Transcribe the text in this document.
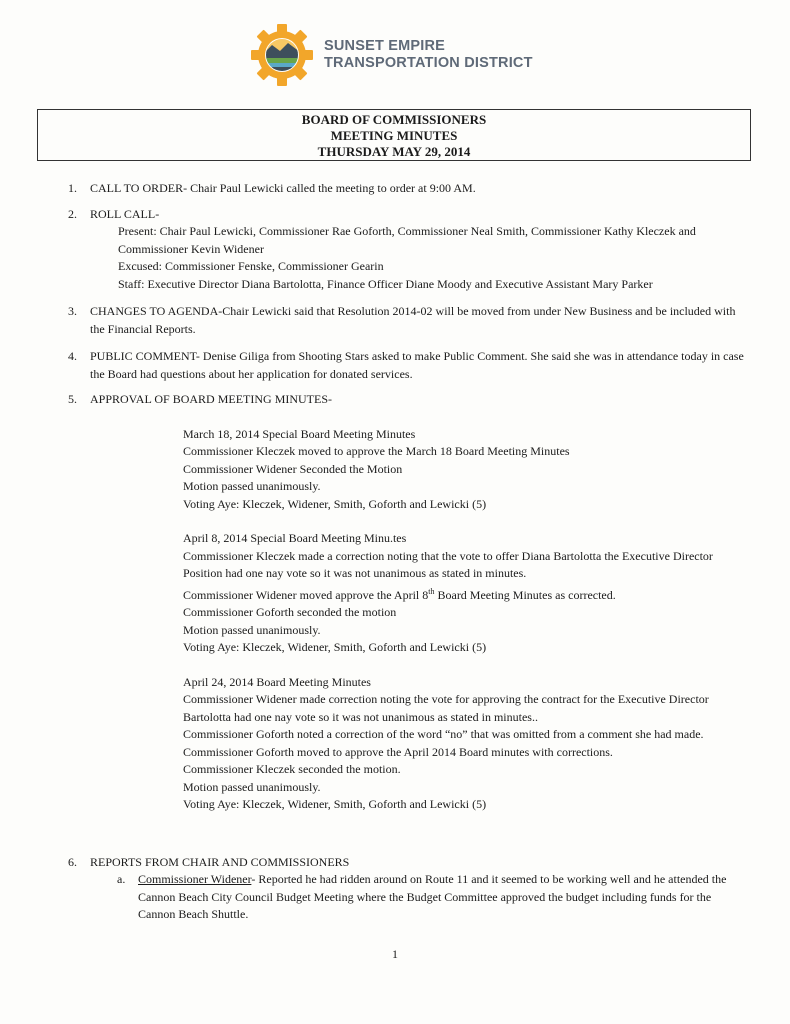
SUNSET EMPIRE
TRANSPORTATION DISTRICT
BOARD OF COMMISSIONERS
MEETING MINUTES
THURSDAY MAY 29, 2014
1. CALL TO ORDER- Chair Paul Lewicki called the meeting to order at 9:00 AM.
2. ROLL CALL-
Present: Chair Paul Lewicki, Commissioner Rae Goforth, Commissioner Neal Smith, Commissioner Kathy Kleczek and Commissioner Kevin Widener
Excused: Commissioner Fenske, Commissioner Gearin
Staff: Executive Director Diana Bartolotta, Finance Officer Diane Moody and Executive Assistant Mary Parker
3. CHANGES TO AGENDA-Chair Lewicki said that Resolution 2014-02 will be moved from under New Business and be included with the Financial Reports.
4. PUBLIC COMMENT- Denise Giliga from Shooting Stars asked to make Public Comment. She said she was in attendance today in case the Board had questions about her application for donated services.
5. APPROVAL OF BOARD MEETING MINUTES-
March 18, 2014 Special Board Meeting Minutes
Commissioner Kleczek moved to approve the March 18 Board Meeting Minutes
Commissioner Widener Seconded the Motion
Motion passed unanimously.
Voting Aye: Kleczek, Widener, Smith, Goforth and Lewicki (5)
April 8, 2014 Special Board Meeting Minu.tes
Commissioner Kleczek made a correction noting that the vote to offer Diana Bartolotta the Executive Director Position had one nay vote so it was not unanimous as stated in minutes.
Commissioner Widener moved approve the April 8th Board Meeting Minutes as corrected.
Commissioner Goforth seconded the motion
Motion passed unanimously.
Voting Aye: Kleczek, Widener, Smith, Goforth and Lewicki (5)
April 24, 2014 Board Meeting Minutes
Commissioner Widener made correction noting the vote for approving the contract for the Executive Director Bartolotta had one nay vote so it was not unanimous as stated in minutes..
Commissioner Goforth noted a correction of the word “no” that was omitted from a comment she had made.
Commissioner Goforth moved to approve the April 2014 Board minutes with corrections.
Commissioner Kleczek seconded the motion.
Motion passed unanimously.
Voting Aye: Kleczek, Widener, Smith, Goforth and Lewicki (5)
6. REPORTS FROM CHAIR AND COMMISSIONERS
a. Commissioner Widener- Reported he had ridden around on Route 11 and it seemed to be working well and he attended the Cannon Beach City Council Budget Meeting where the Budget Committee approved the budget including funds for the Cannon Beach Shuttle.
1
